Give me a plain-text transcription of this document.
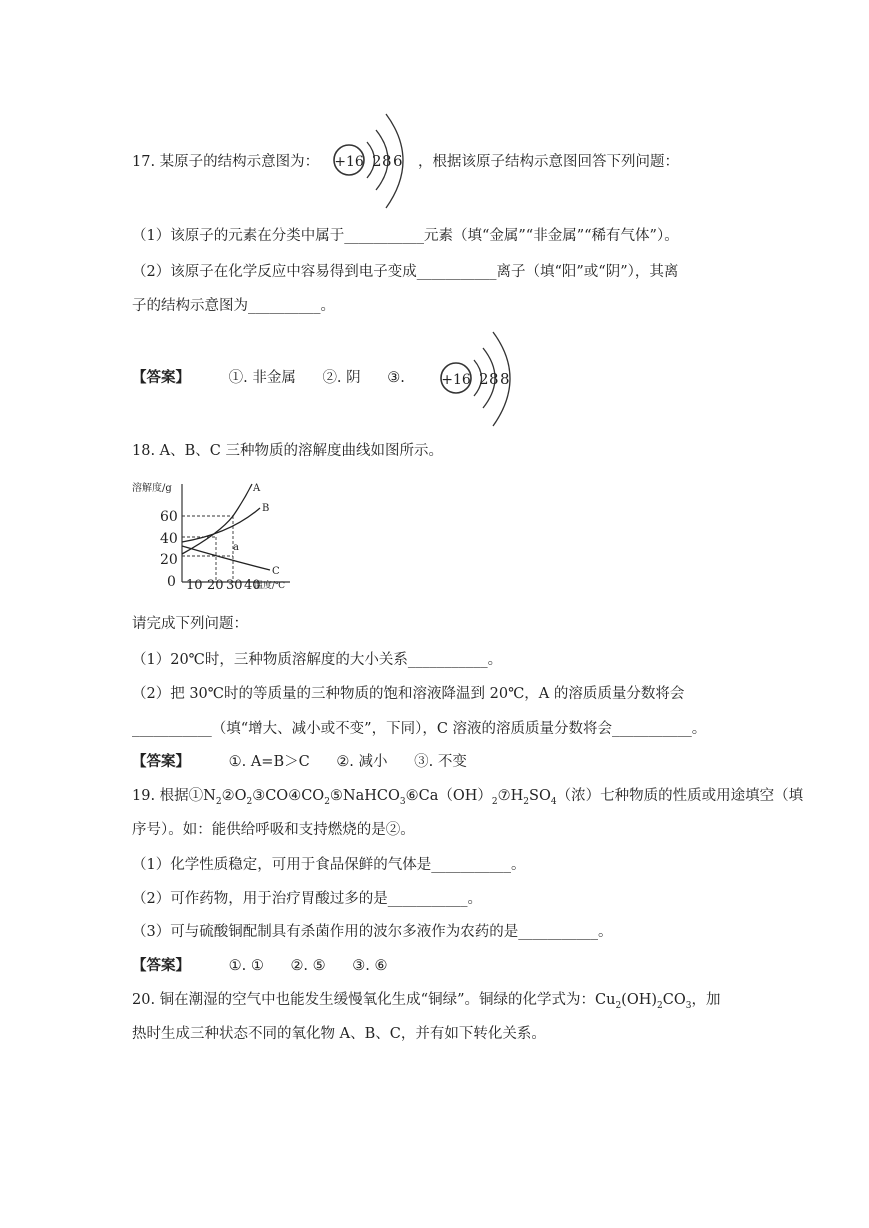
17. 某原子的结构示意图为： +16 2 8 6 ，根据该原子结构示意图回答下列问题：
（1）该原子的元素在分类中属于___________元素（填“金属”“非金属”“稀有气体”）。
（2）该原子在化学反应中容易得到电子变成___________离子（填“阳”或“阴”），其离
子的结构示意图为__________。
【答案】	①. 非金属 ②. 阴 ③.	+16 2 8 8
18. A、B、C 三种物质的溶解度曲线如图所示。
溶解度/g
温度/℃
60
40
20
0 10 20 30 40
A
B
C
a
请完成下列问题：
（1）20℃时，三种物质溶解度的大小关系___________。
（2）把 30℃时的等质量的三种物质的饱和溶液降温到 20℃，A 的溶质质量分数将会
___________（填“增大、减小或不变”，下同），C 溶液的溶质质量分数将会___________。
【答案】	①. A=B＞C ②. 减小 ③. 不变
19. 根据$①N_2②O_2③CO④CO_2⑤NaHCO_3⑥Ca(OH)_2⑦H_2SO_4$（浓）七种物质的性质或用途填空（填
序号）。如：能供给呼吸和支持燃烧的是②。
（1）化学性质稳定，可用于食品保鲜的气体是___________。
（2）可作药物，用于治疗胃酸过多的是___________。
（3）可与硫酸铜配制具有杀菌作用的波尔多液作为农药的是___________。
【答案】	①. ① ②. ⑤ ③. ⑥
20. 铜在潮湿的空气中也能发生缓慢氧化生成“铜绿”。铜绿的化学式为：$Cu_2(OH)_2CO_3$，加
热时生成三种状态不同的氧化物 A、B、C，并有如下转化关系。
